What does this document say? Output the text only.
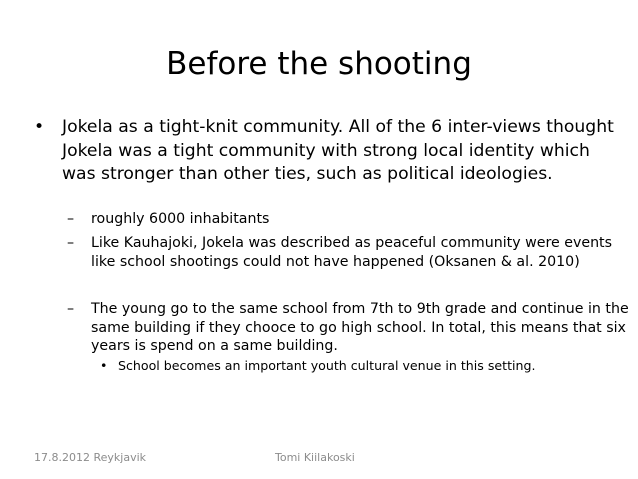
Before the shooting
•	Jokela as a tight-knit community. All of the 6 inter-views thought Jokela was a tight community with strong local identity which was stronger than other ties, such as political ideologies.
– roughly 6000 inhabitants
– Like Kauhajoki, Jokela was described as peaceful community were events like school shootings could not have happened (Oksanen & al. 2010)
– The young go to the same school from 7th to 9th grade and continue in the same building if they chooce to go high school. In total, this means that six years is spend on a same building.
• School becomes an important youth cultural venue in this setting.
17.8.2012 Reykjavik	Tomi Kiilakoski
